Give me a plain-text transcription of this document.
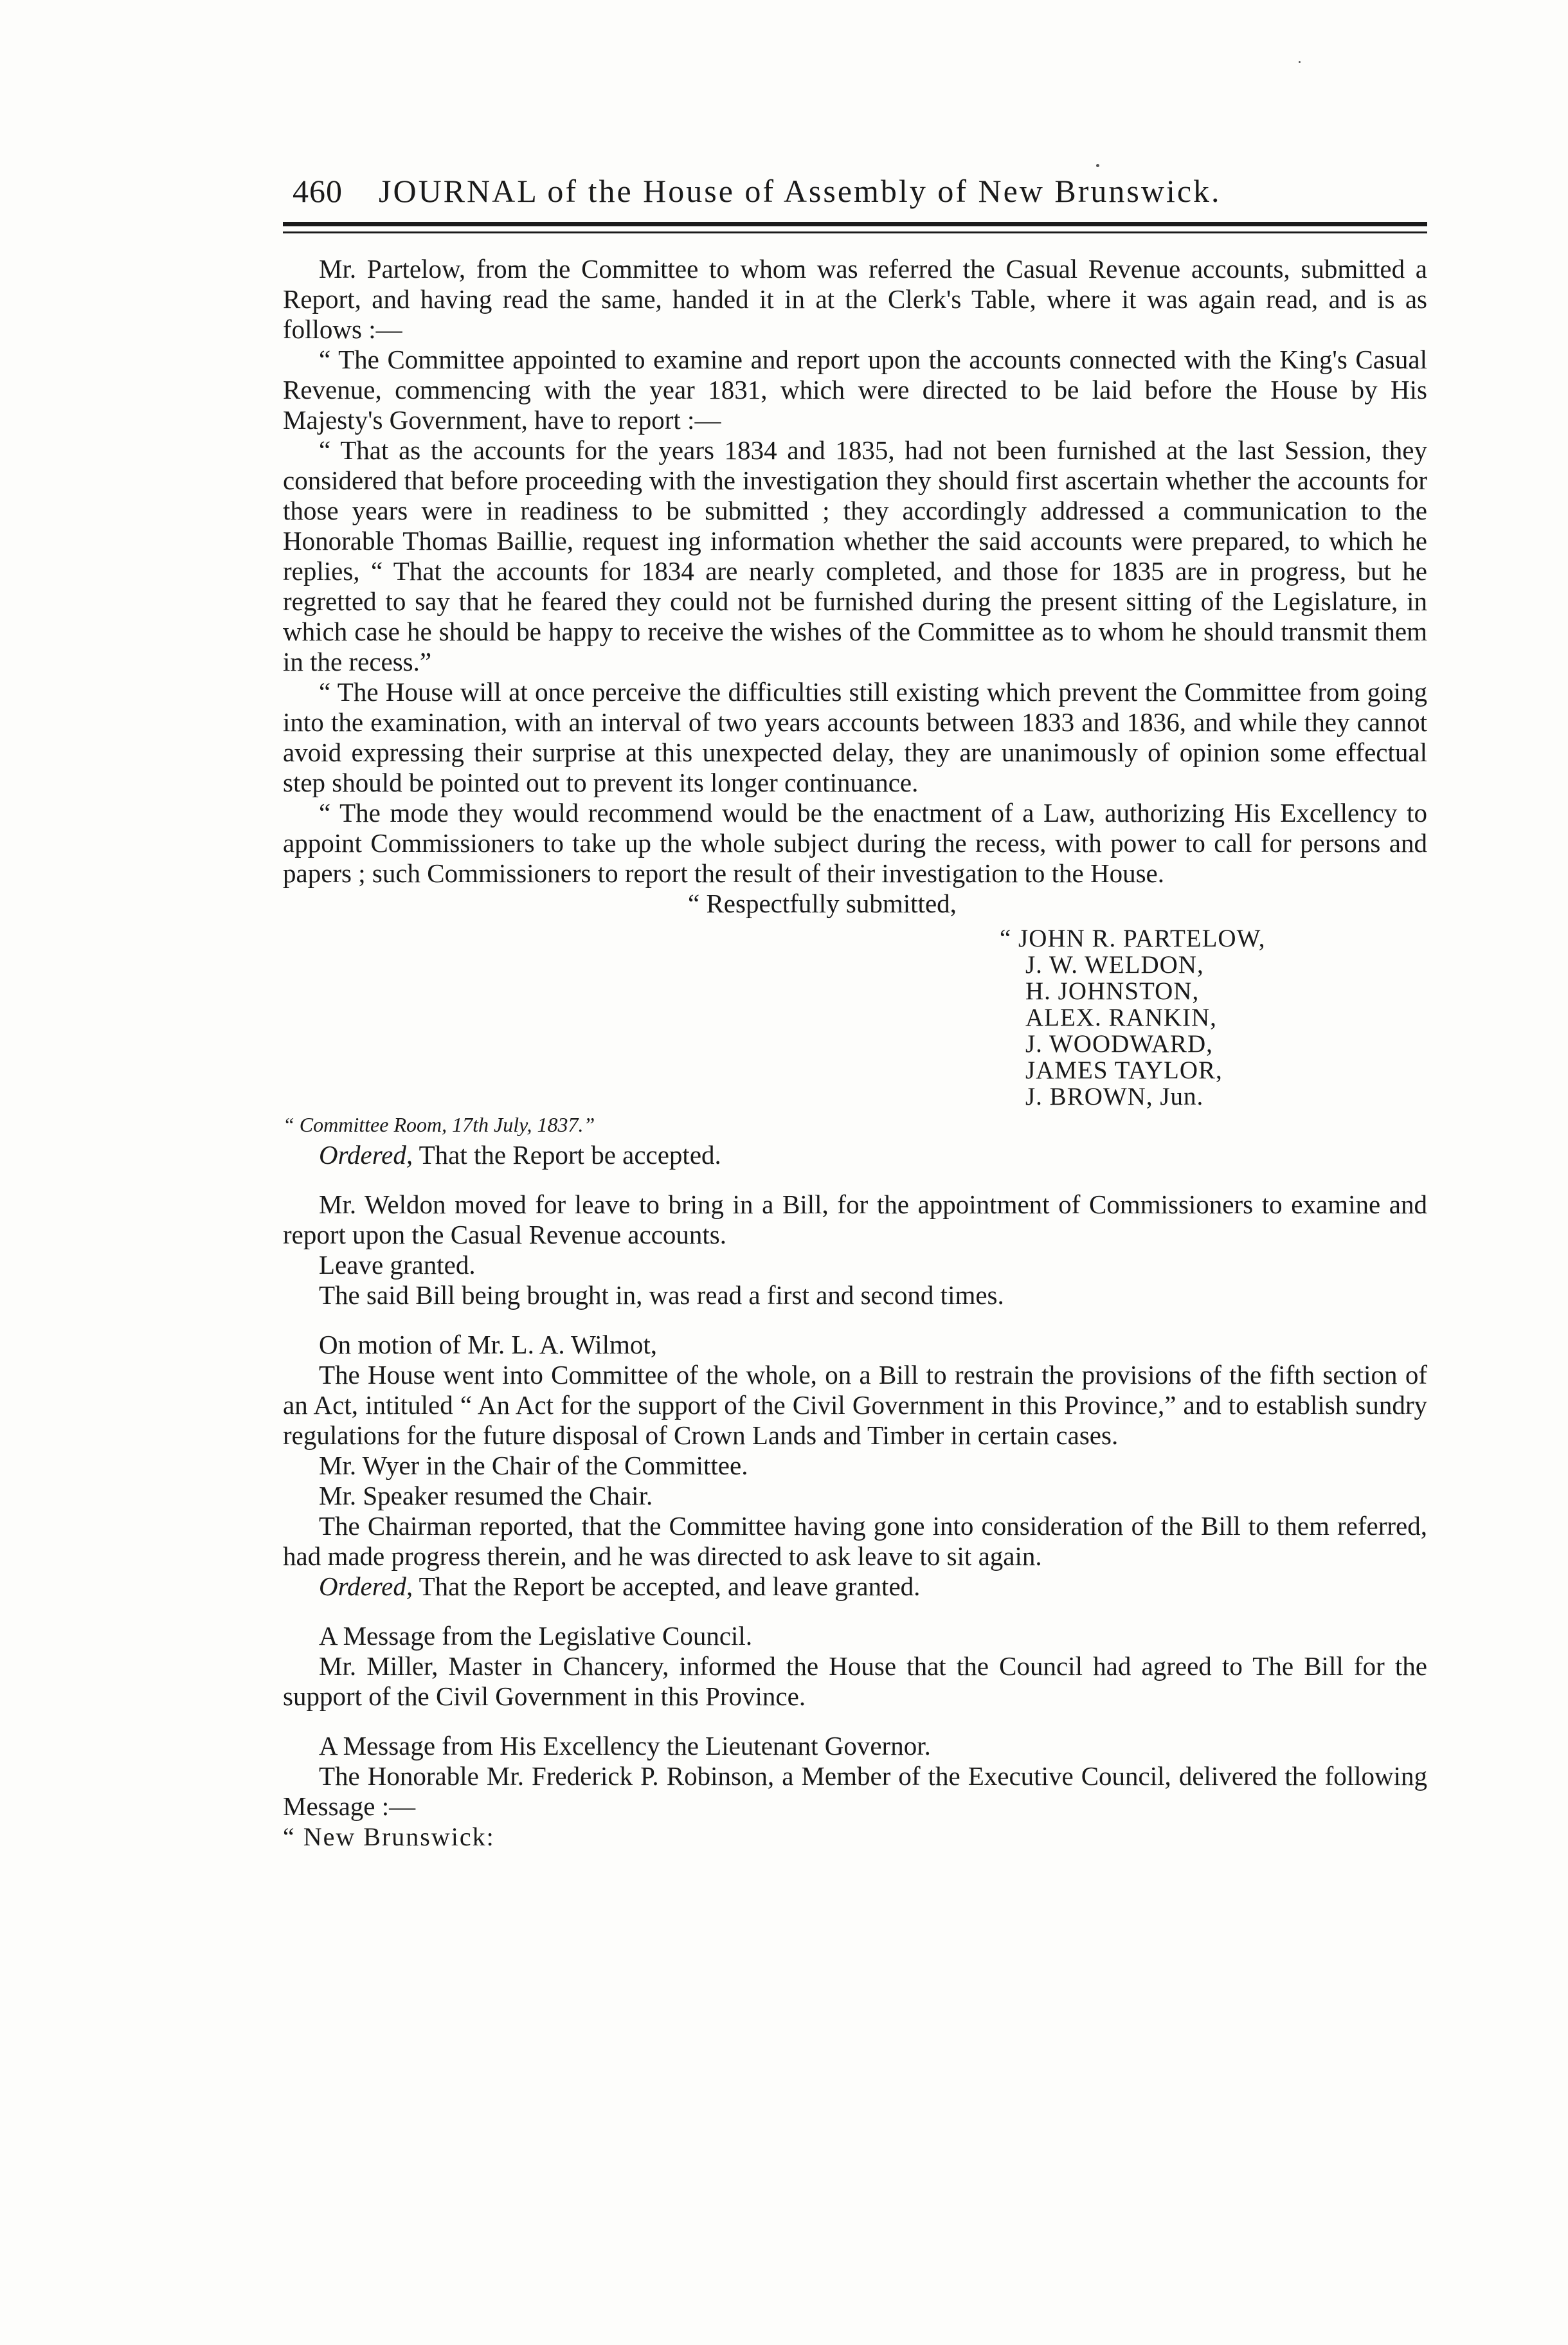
460 JOURNAL of the House of Assembly of New Brunswick.

Mr. Partelow, from the Committee to whom was referred the Casual Revenue accounts, submitted a Report, and having read the same, handed it in at the Clerk's Table, where it was again read, and is as follows :—

“ The Committee appointed to examine and report upon the accounts connected with the King's Casual Revenue, commencing with the year 1831, which were directed to be laid before the House by His Majesty's Government, have to report :—

“ That as the accounts for the years 1834 and 1835, had not been furnished at the last Session, they considered that before proceeding with the investigation they should first ascertain whether the accounts for those years were in readiness to be submitted ; they accordingly addressed a communication to the Honorable Thomas Baillie, request ing information whether the said accounts were prepared, to which he replies, “ That the accounts for 1834 are nearly completed, and those for 1835 are in progress, but he regretted to say that he feared they could not be furnished during the present sitting of the Legislature, in which case he should be happy to receive the wishes of the Committee as to whom he should transmit them in the recess.”

“ The House will at once perceive the difficulties still existing which prevent the Committee from going into the examination, with an interval of two years accounts between 1833 and 1836, and while they cannot avoid expressing their surprise at this unexpected delay, they are unanimously of opinion some effectual step should be pointed out to prevent its longer continuance.

“ The mode they would recommend would be the enactment of a Law, authorizing His Excellency to appoint Commissioners to take up the whole subject during the recess, with power to call for persons and papers ; such Commissioners to report the result of their investigation to the House.

“ Respectfully submitted,

“ JOHN R. PARTELOW,
J. W. WELDON,
H. JOHNSTON,
ALEX. RANKIN,
J. WOODWARD,
JAMES TAYLOR,
J. BROWN, Jun.

“ Committee Room, 17th July, 1837.”

Ordered, That the Report be accepted.

Mr. Weldon moved for leave to bring in a Bill, for the appointment of Commissioners to examine and report upon the Casual Revenue accounts.

Leave granted.

The said Bill being brought in, was read a first and second times.

On motion of Mr. L. A. Wilmot,

The House went into Committee of the whole, on a Bill to restrain the provisions of the fifth section of an Act, intituled “ An Act for the support of the Civil Government in this Province,” and to establish sundry regulations for the future disposal of Crown Lands and Timber in certain cases.

Mr. Wyer in the Chair of the Committee.

Mr. Speaker resumed the Chair.

The Chairman reported, that the Committee having gone into consideration of the Bill to them referred, had made progress therein, and he was directed to ask leave to sit again.

Ordered, That the Report be accepted, and leave granted.

A Message from the Legislative Council.

Mr. Miller, Master in Chancery, informed the House that the Council had agreed to The Bill for the support of the Civil Government in this Province.

A Message from His Excellency the Lieutenant Governor.

The Honorable Mr. Frederick P. Robinson, a Member of the Executive Council, delivered the following Message :—

“ New Brunswick:
